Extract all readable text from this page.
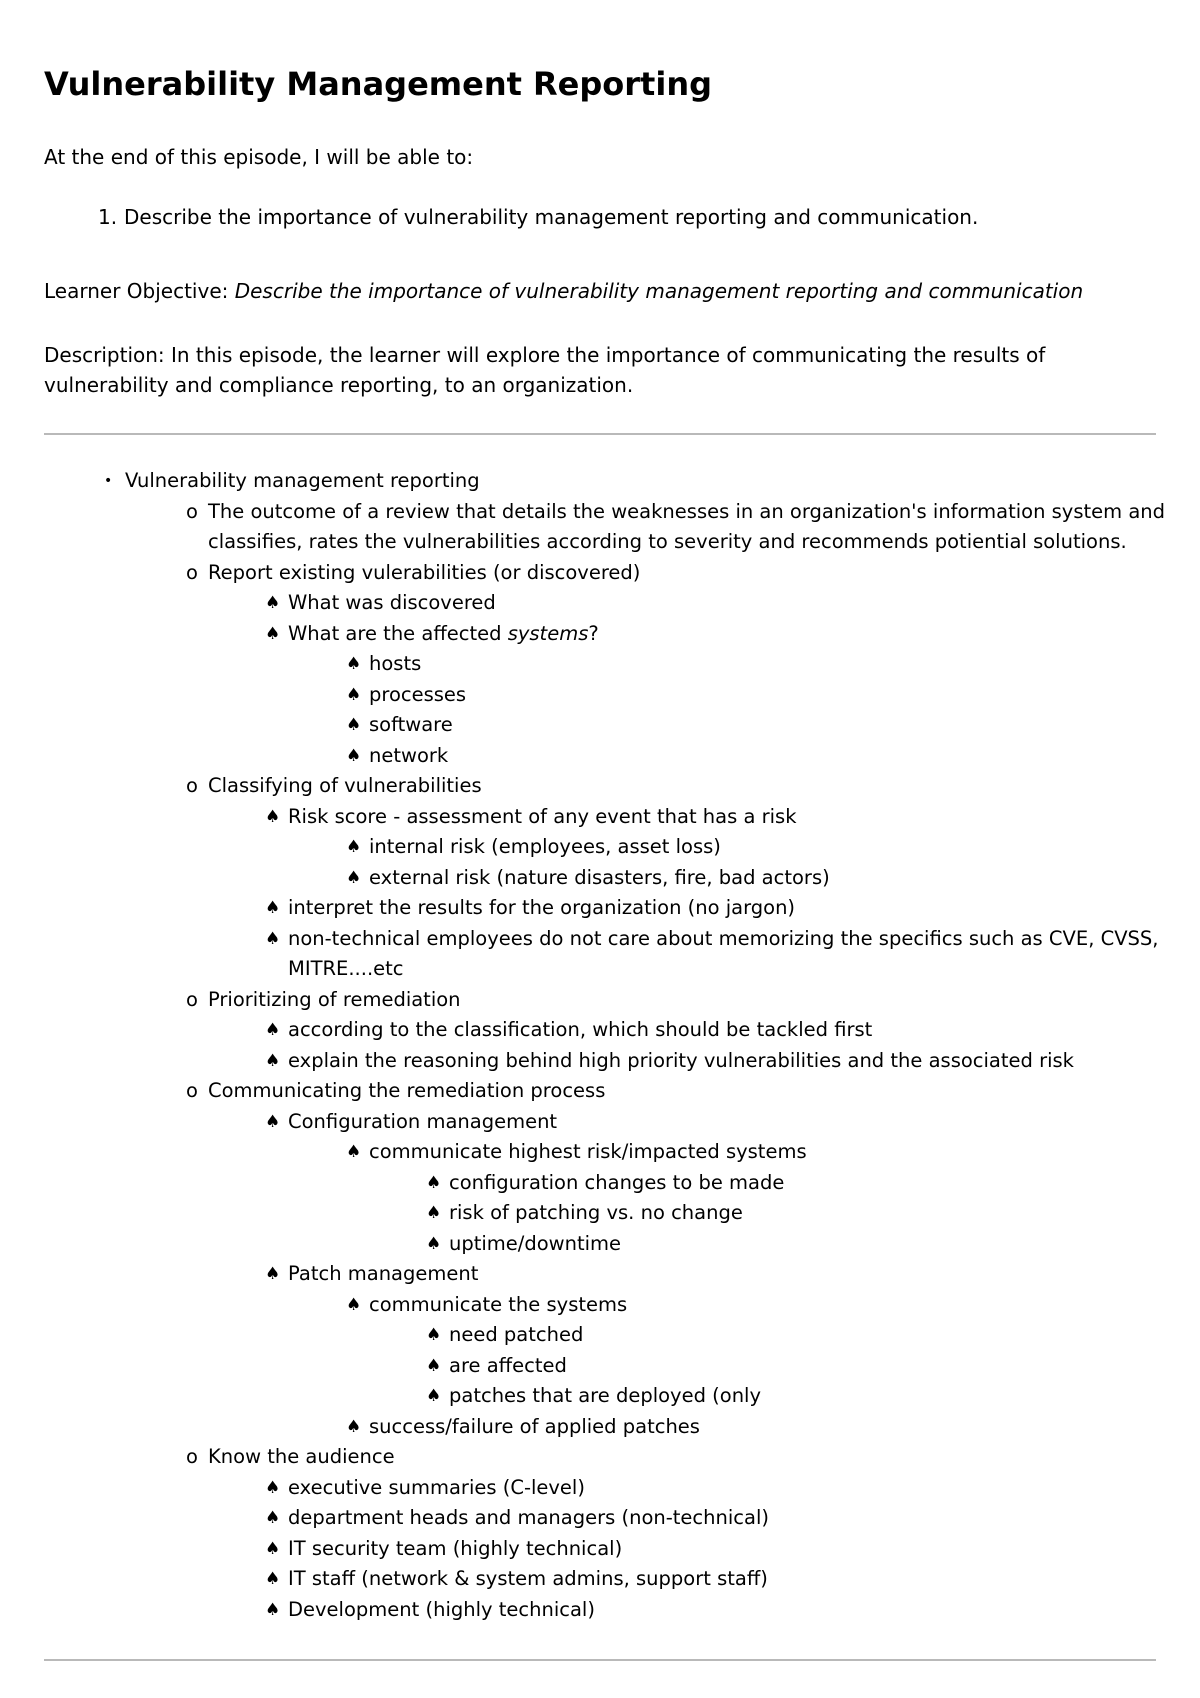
Vulnerability Management Reporting

At the end of this episode, I will be able to:

1. Describe the importance of vulnerability management reporting and communication.

Learner Objective: Describe the importance of vulnerability management reporting and communication

Description: In this episode, the learner will explore the importance of communicating the results of vulnerability and compliance reporting, to an organization.

• Vulnerability management reporting
o The outcome of a review that details the weaknesses in an organization's information system and classifies, rates the vulnerabilities according to severity and recommends potiential solutions.
o Report existing vulerabilities (or discovered)
♠ What was discovered
♠ What are the affected systems?
♠ hosts
♠ processes
♠ software
♠ network
o Classifying of vulnerabilities
♠ Risk score - assessment of any event that has a risk
♠ internal risk (employees, asset loss)
♠ external risk (nature disasters, fire, bad actors)
♠ interpret the results for the organization (no jargon)
♠ non-technical employees do not care about memorizing the specifics such as CVE, CVSS, MITRE....etc
o Prioritizing of remediation
♠ according to the classification, which should be tackled first
♠ explain the reasoning behind high priority vulnerabilities and the associated risk
o Communicating the remediation process
♠ Configuration management
♠ communicate highest risk/impacted systems
♠ configuration changes to be made
♠ risk of patching vs. no change
♠ uptime/downtime
♠ Patch management
♠ communicate the systems
♠ need patched
♠ are affected
♠ patches that are deployed (only
♠ success/failure of applied patches
o Know the audience
♠ executive summaries (C-level)
♠ department heads and managers (non-technical)
♠ IT security team (highly technical)
♠ IT staff (network & system admins, support staff)
♠ Development (highly technical)
